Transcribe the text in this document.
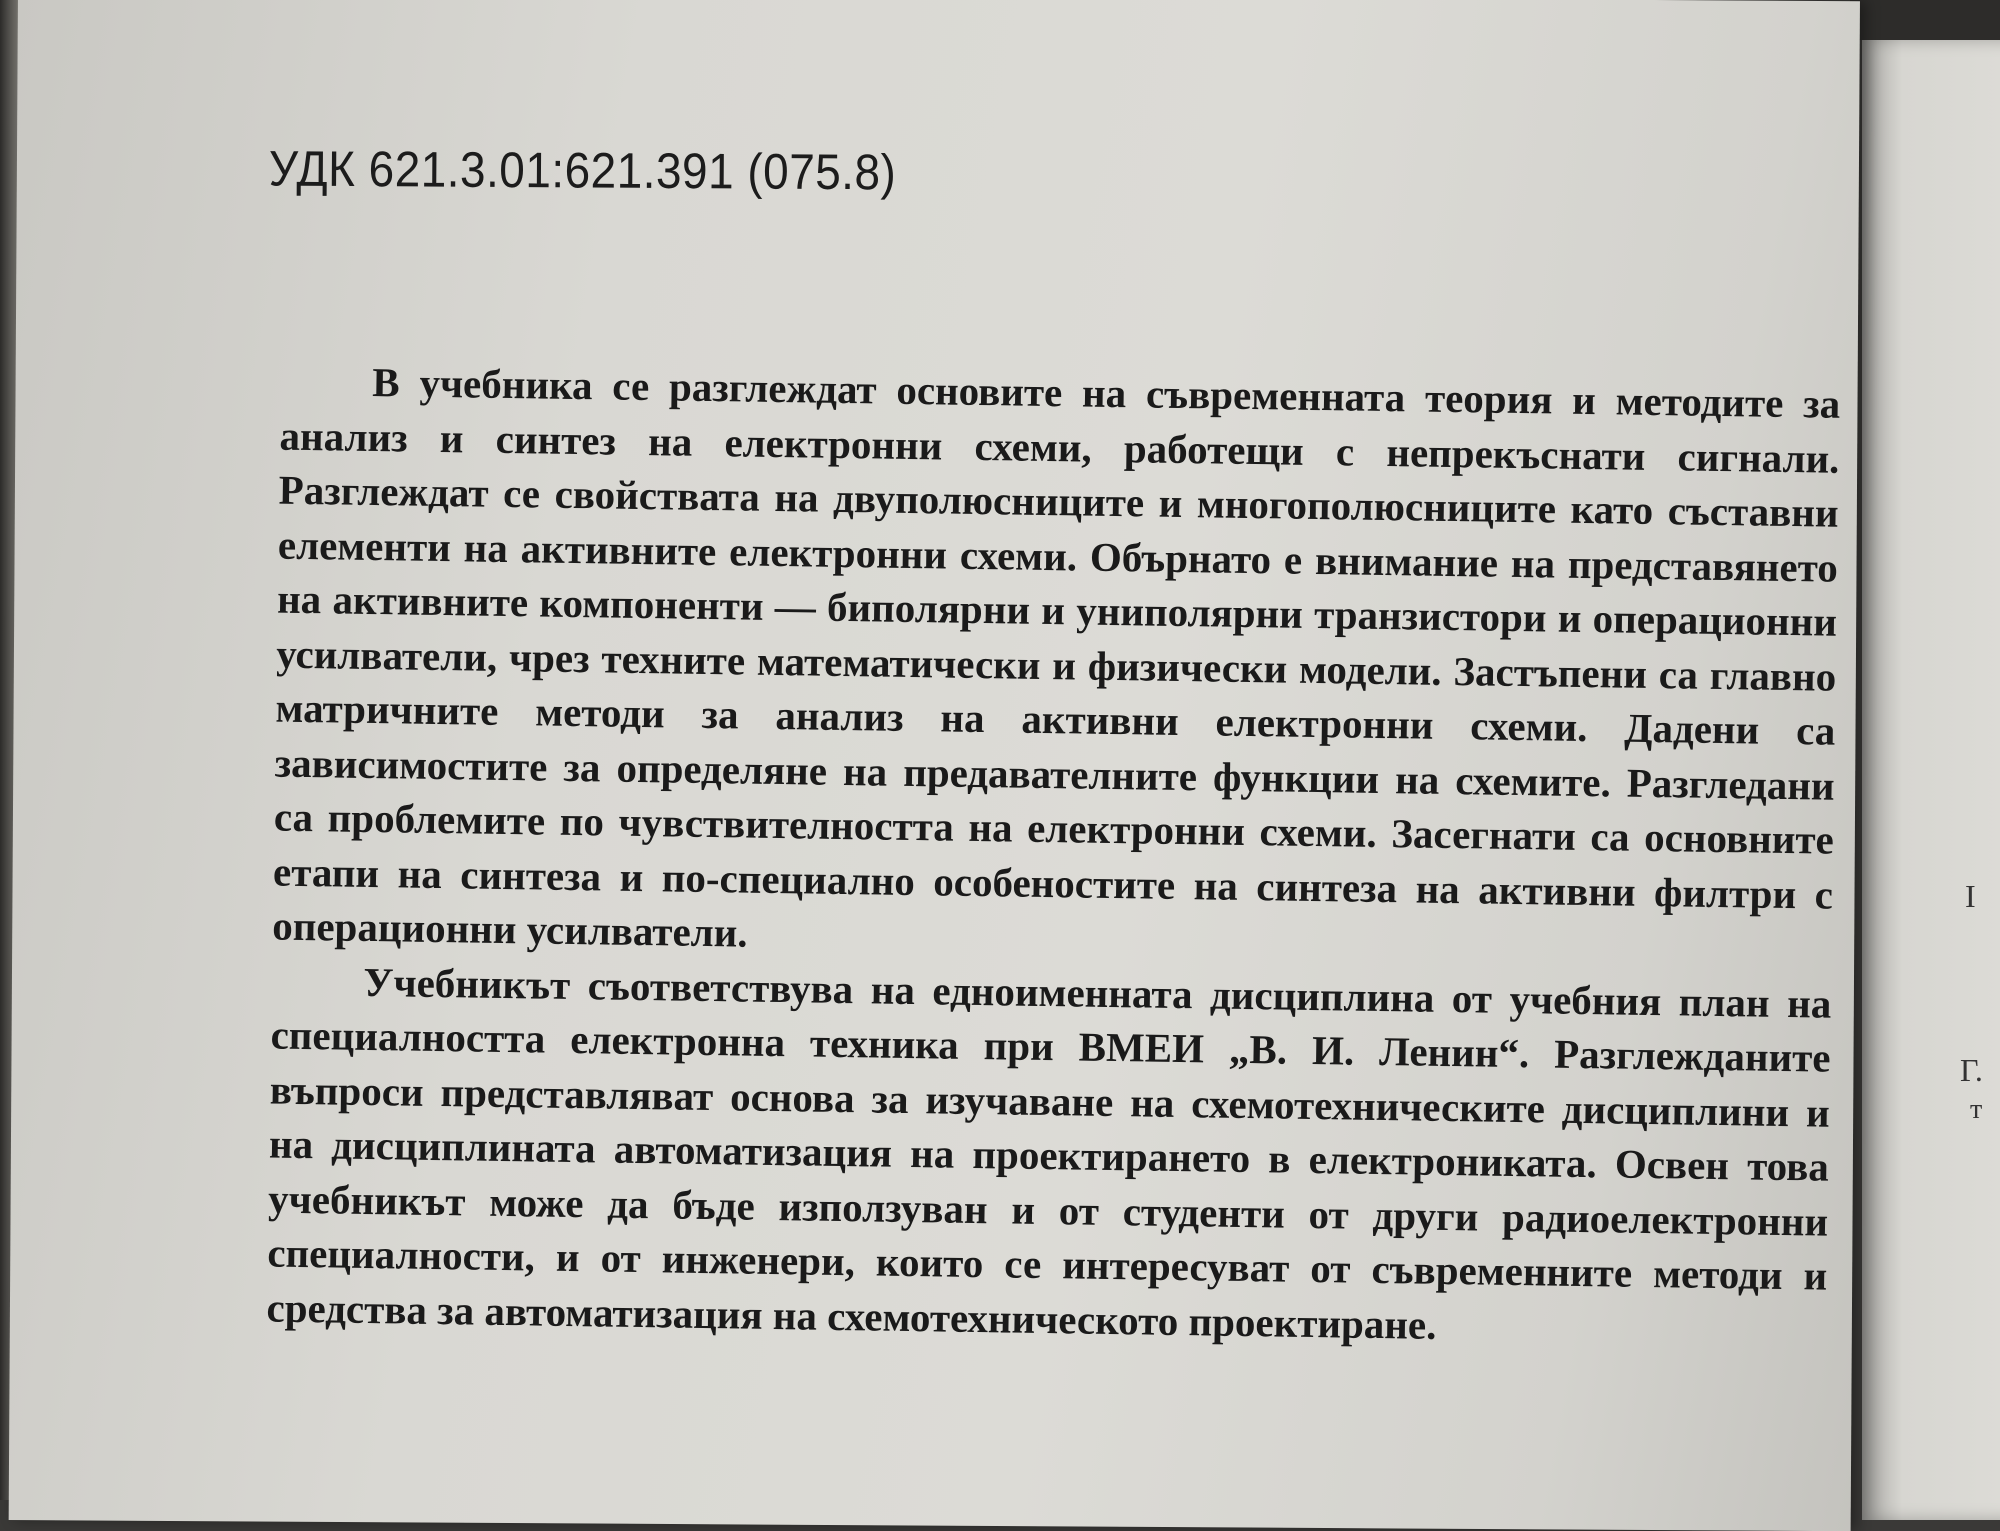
УДК 621.3.01:621.391 (075.8)

В учебника се разглеждат основите на съвременната теория и методите за анализ и синтез на електронни схеми, работещи с непрекъснати сигнали. Разглеждат се свойствата на двуполюсниците и многополюсниците като съставни елементи на активните електронни схеми. Обърнато е внимание на представянето на активните компоненти — биполярни и униполярни транзистори и операционни усилватели, чрез техните математически и физически модели. Застъпени са главно матричните методи за анализ на активни електронни схеми. Дадени са зависимостите за определяне на предавателните функции на схемите. Разгледани са проблемите по чувствителността на електронни схеми. Засегнати са основните етапи на синтеза и по-специално особеностите на синтеза на активни филтри с операционни усилватели.
Учебникът съответствува на едноименната дисциплина от учебния план на специалността електронна техника при ВМЕИ „В. И. Ленин“. Разглежданите въпроси представляват основа за изучаване на схемотехническите дисциплини и на дисциплината автоматизация на проектирането в електрониката. Освен това учебникът може да бъде използуван и от студенти от други радиоелектронни специалности, и от инженери, които се интересуват от съвременните методи и средства за автоматизация на схемотехническото проектиране.
I
Г.
т
